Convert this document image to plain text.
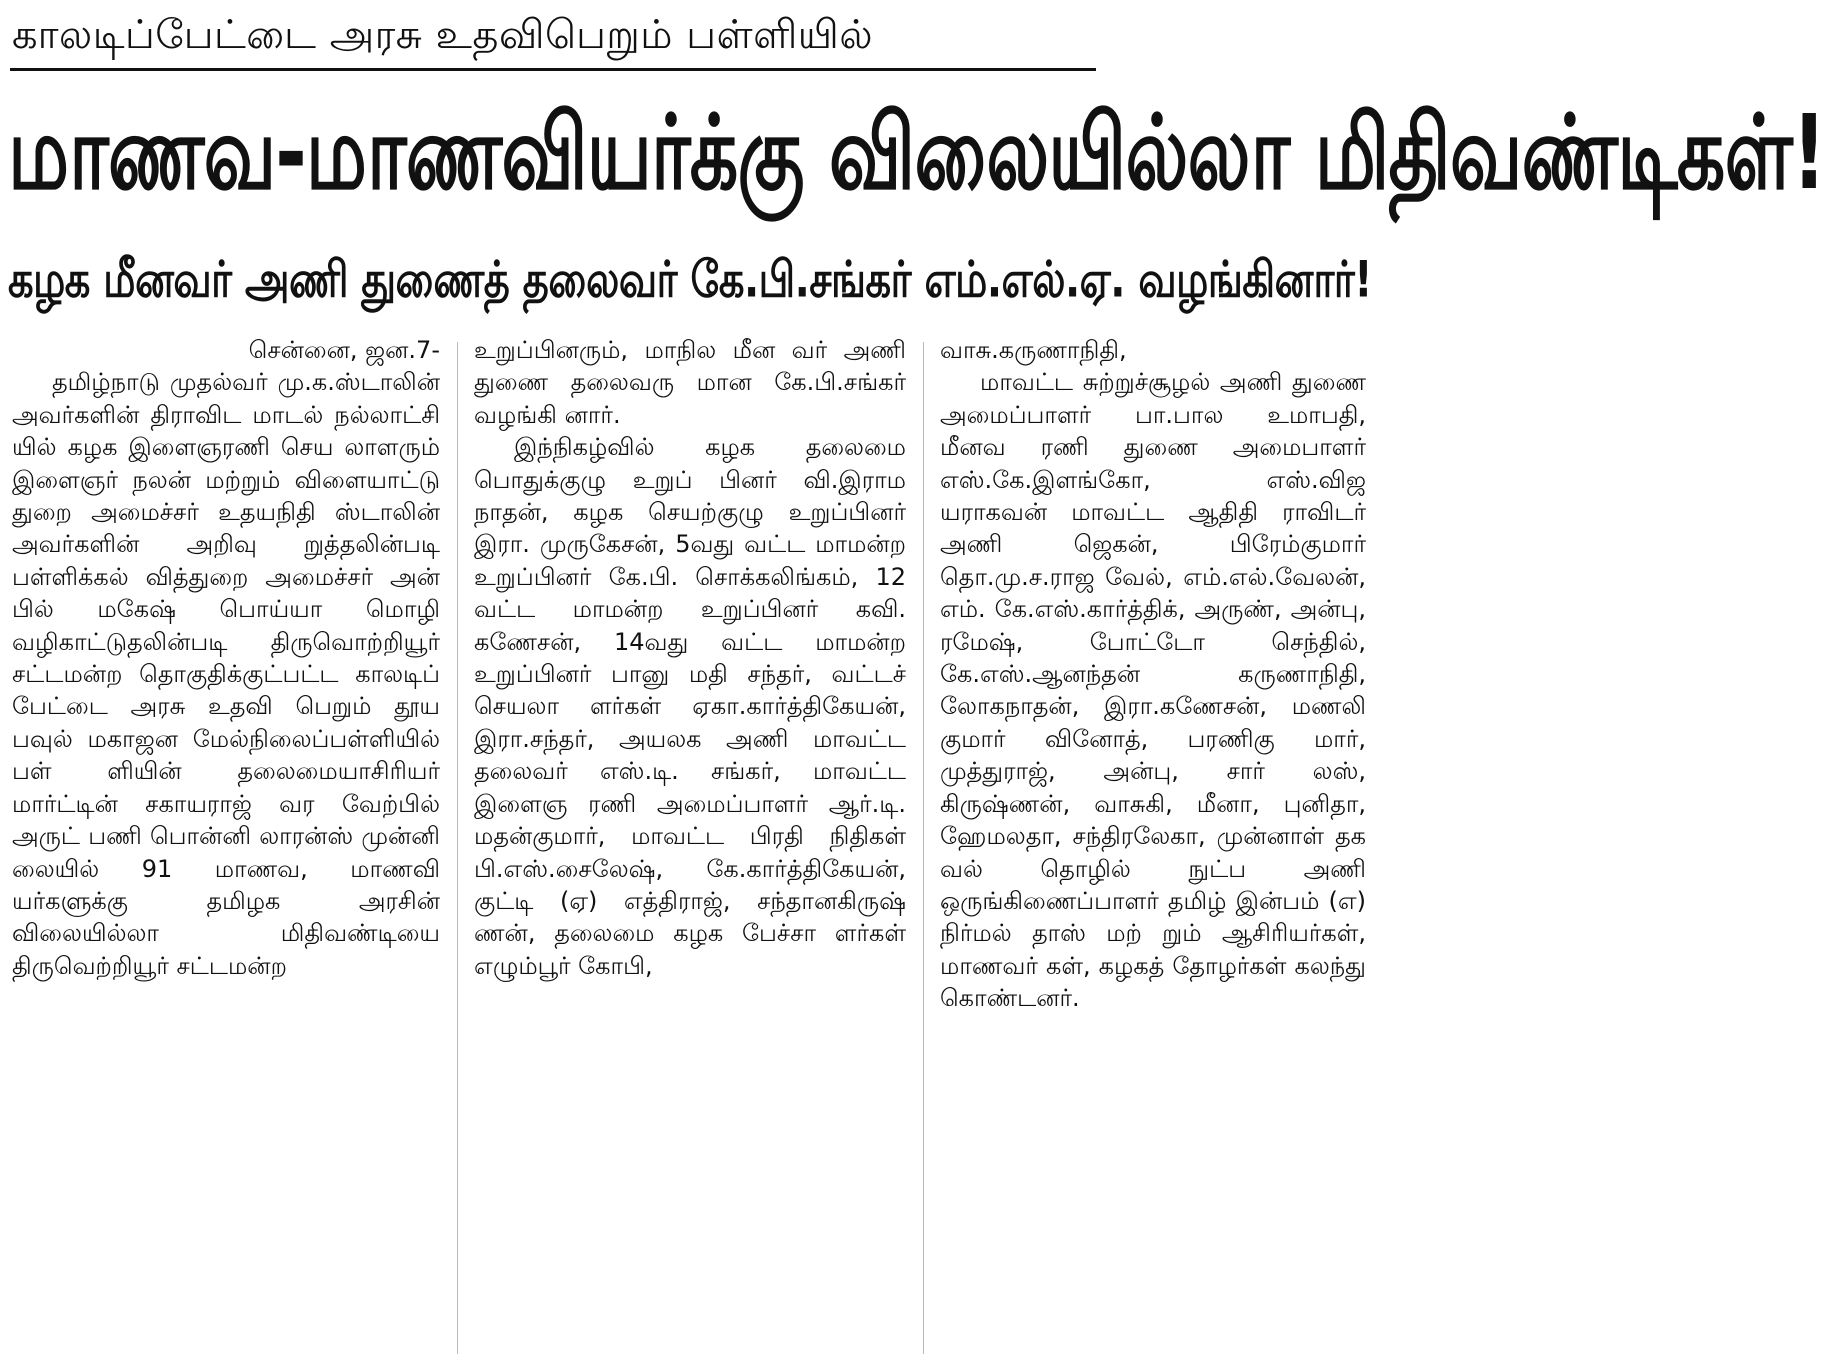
காலடிப்பேட்டை அரசு உதவிபெறும் பள்ளியில்
மாணவ-மாணவியர்க்கு விலையில்லா மிதிவண்டிகள்!
கழக மீனவர் அணி துணைத் தலைவர் கே.பி.சங்கர் எம்.எல்.ஏ. வழங்கினார்!

சென்னை, ஜன.7-

தமிழ்நாடு முதல்வர் மு.க.ஸ்டாலின் அவர்களின் திராவிட மாடல் நல்லாட்சி யில் கழக இளைஞரணி செய லாளரும் இளைஞர் நலன் மற்றும் விளையாட்டு துறை அமைச்சர் உதயநிதி ஸ்டாலின் அவர்களின் அறிவு றுத்தலின்படி பள்ளிக்கல் வித்துறை அமைச்சர் அன் பில் மகேஷ் பொய்யா மொழி வழிகாட்டுதலின்படி திருவொற்றியூர் சட்டமன்ற தொகுதிக்குட்பட்ட காலடிப் பேட்டை அரசு உதவி பெறும் தூய பவுல் மகாஜன மேல்நிலைப்பள்ளியில் பள் ளியின் தலைமையாசிரியர் மார்ட்டின் சகாயராஜ் வர வேற்பில் அருட் பணி பொன்னி லாரன்ஸ் முன்னி லையில் 91 மாணவ, மாணவி யர்களுக்கு தமிழக அரசின் விலையில்லா மிதிவண்டியை திருவெற்றியூர் சட்டமன்ற

உறுப்பினரும், மாநில மீன வர் அணி துணை தலைவரு மான கே.பி.சங்கர் வழங்கி னார்.

இந்நிகழ்வில் கழக தலைமை பொதுக்குழு உறுப் பினர் வி.இராம நாதன், கழக செயற்குழு உறுப்பினர் இரா. முருகேசன், 5வது வட்ட மாமன்ற உறுப்பினர் கே.பி. சொக்கலிங்கம், 12 வட்ட மாமன்ற உறுப்பினர் கவி. கணேசன், 14வது வட்ட மாமன்ற உறுப்பினர் பானு மதி சந்தர், வட்டச் செயலா ளர்கள் ஏகா.கார்த்திகேயன், இரா.சந்தர், அயலக அணி மாவட்ட தலைவர் எஸ்.டி. சங்கர், மாவட்ட இளைஞ ரணி அமைப்பாளர் ஆர்.டி. மதன்குமார், மாவட்ட பிரதி நிதிகள் பி.எஸ்.சைலேஷ், கே.கார்த்திகேயன், குட்டி (ஏ) எத்திராஜ், சந்தானகிருஷ் ணன், தலைமை கழக பேச்சா ளர்கள் எழும்பூர் கோபி,

வாசு.கருணாநிதி,

மாவட்ட சுற்றுச்சூழல் அணி துணை அமைப்பாளர் பா.பால உமாபதி, மீனவ ரணி துணை அமைபாளர் எஸ்.கே.இளங்கோ, எஸ்.விஜ யராகவன் மாவட்ட ஆதிதி ராவிடர் அணி ஜெகன், பிரேம்குமார் தொ.மு.ச.ராஜ வேல், எம்.எல்.வேலன், எம். கே.எஸ்.கார்த்திக், அருண், அன்பு, ரமேஷ், போட்டோ செந்தில், கே.எஸ்.ஆனந்தன் கருணாநிதி, லோகநாதன், இரா.கணேசன், மணலி குமார் வினோத், பரணிகு மார், முத்துராஜ், அன்பு, சார் லஸ், கிருஷ்ணன், வாசுகி, மீனா, புனிதா, ஹேமலதா, சந்திரலேகா, முன்னாள் தக வல் தொழில் நுட்ப அணி ஒருங்கிணைப்பாளர் தமிழ் இன்பம் (எ) நிர்மல் தாஸ் மற் றும் ஆசிரியர்கள், மாணவர் கள், கழகத் தோழர்கள் கலந்து கொண்டனர்.
